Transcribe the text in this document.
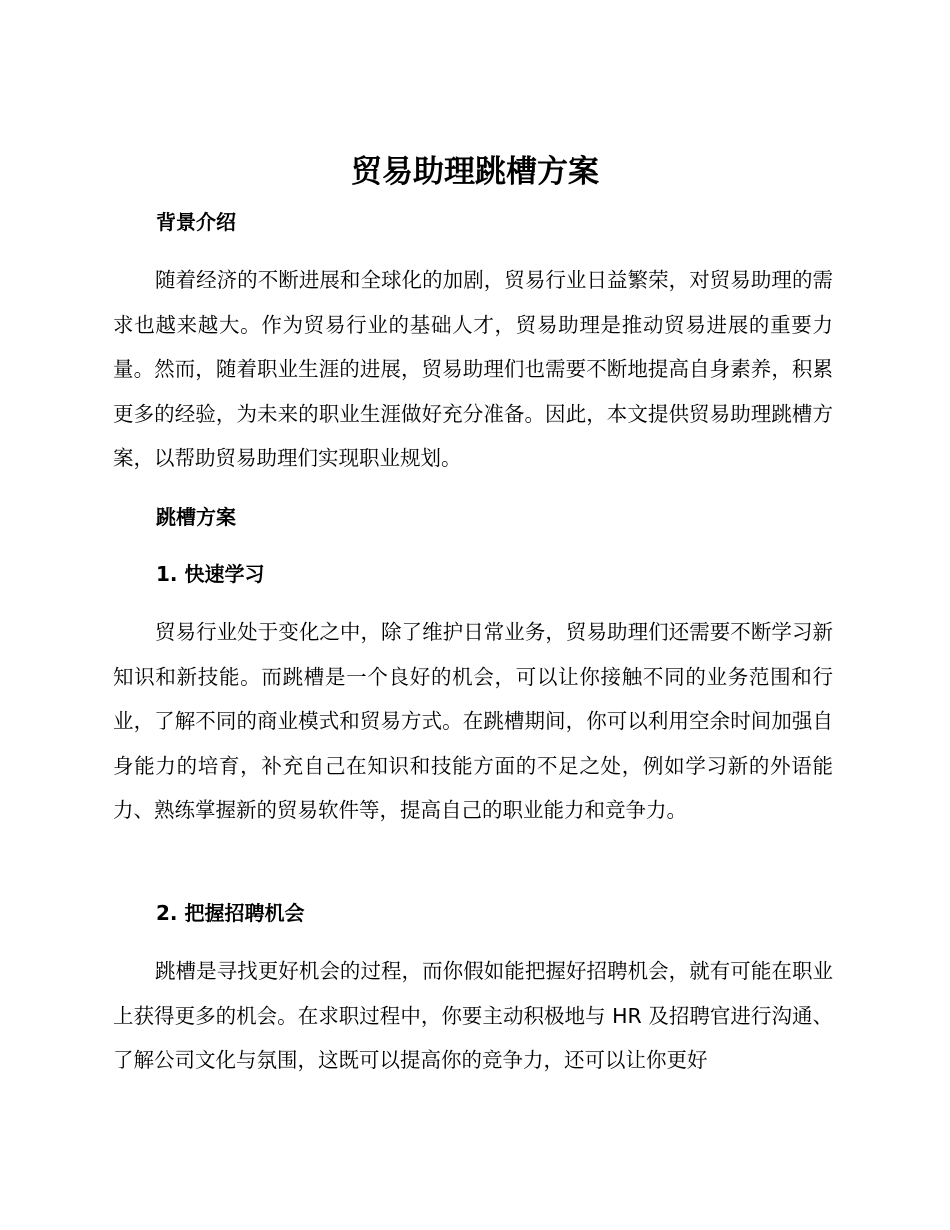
贸易助理跳槽方案
背景介绍

随着经济的不断进展和全球化的加剧，贸易行业日益繁荣，对贸易助理的需求也越来越大。作为贸易行业的基础人才，贸易助理是推动贸易进展的重要力量。然而，随着职业生涯的进展，贸易助理们也需要不断地提高自身素养，积累更多的经验，为未来的职业生涯做好充分准备。因此，本文提供贸易助理跳槽方案，以帮助贸易助理们实现职业规划。

跳槽方案
1. 快速学习

贸易行业处于变化之中，除了维护日常业务，贸易助理们还需要不断学习新知识和新技能。而跳槽是一个良好的机会，可以让你接触不同的业务范围和行业，了解不同的商业模式和贸易方式。在跳槽期间，你可以利用空余时间加强自身能力的培育，补充自己在知识和技能方面的不足之处，例如学习新的外语能力、熟练掌握新的贸易软件等，提高自己的职业能力和竞争力。

2. 把握招聘机会

跳槽是寻找更好机会的过程，而你假如能把握好招聘机会，就有可能在职业上获得更多的机会。在求职过程中，你要主动积极地与 HR 及招聘官进行沟通、了解公司文化与氛围，这既可以提高你的竞争力，还可以让你更好
